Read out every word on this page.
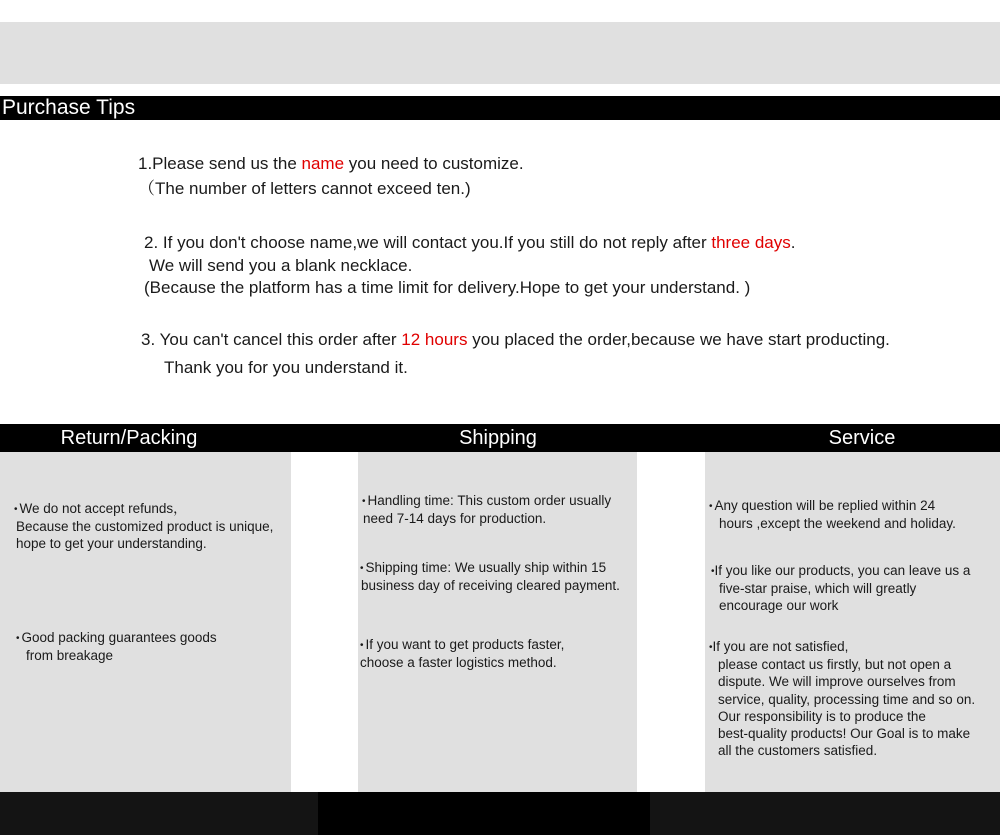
Purchase Tips
1.Please send us the name you need to customize.
（The number of letters cannot exceed ten.)
2. If you don't choose name,we will contact you.If you still do not reply after three days.
We will send you a blank necklace.
(Because the platform has a time limit for delivery.Hope to get your understand. )
3. You can't cancel this order after 12 hours you placed the order,because we have start producting.
Thank you for you understand it.
Return/Packing	Shipping	Service
• We do not accept refunds，
Because the customized product is unique,
hope to get your understanding.
• Good packing guarantees goods
from breakage
• Handling time: This custom order usually
need 7-14 days for production.
• Shipping time: We usually ship within 15
business day of receiving cleared payment.
• If you want to get products faster,
choose a faster logistics method.
• Any question will be replied within 24
hours ,except the weekend and holiday.
•If you like our products, you can leave us a
five-star praise, which will greatly
encourage our work
•If you are not satisfied,
please contact us firstly, but not open a
dispute. We will improve ourselves from
service, quality, processing time and so on.
Our responsibility is to produce the
best-quality products! Our Goal is to make
all the customers satisfied.
